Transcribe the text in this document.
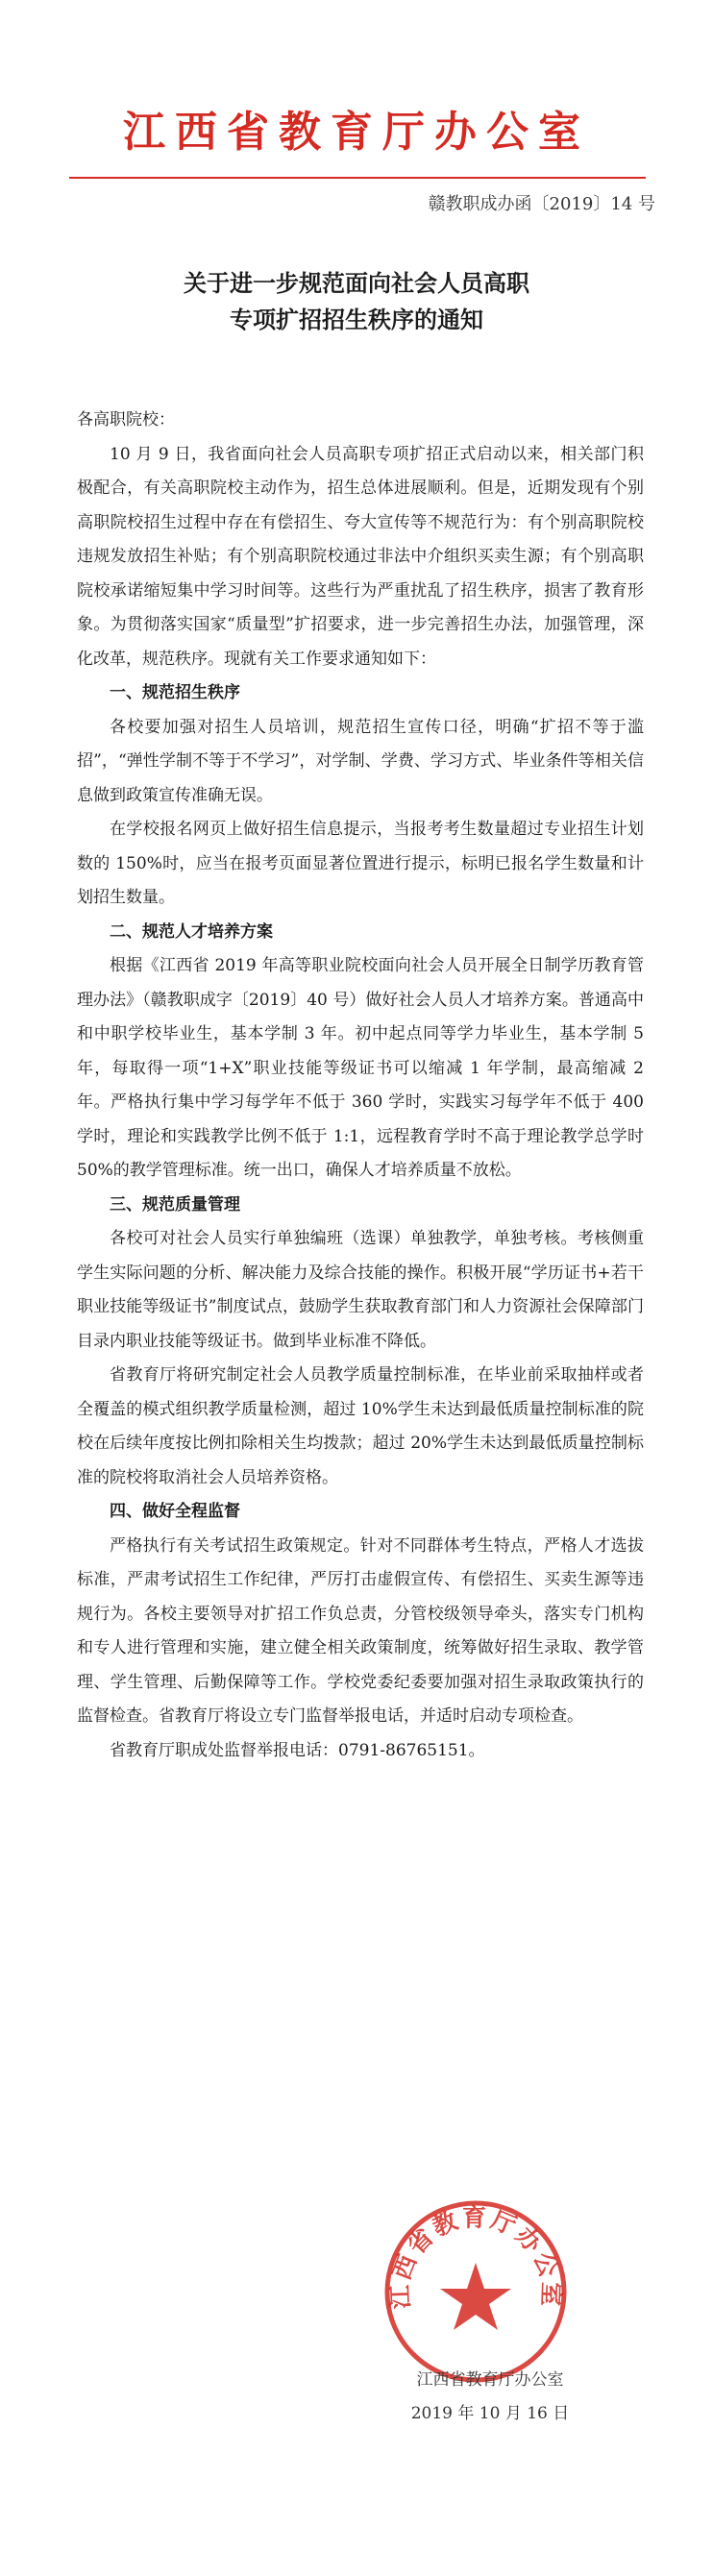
江西省教育厅办公室
赣教职成办函〔2019〕14 号
关于进一步规范面向社会人员高职
专项扩招招生秩序的通知

各高职院校：

10 月 9 日，我省面向社会人员高职专项扩招正式启动以来，相关部门积极配合，有关高职院校主动作为，招生总体进展顺利。但是，近期发现有个别高职院校招生过程中存在有偿招生、夸大宣传等不规范行为：有个别高职院校违规发放招生补贴；有个别高职院校通过非法中介组织买卖生源；有个别高职院校承诺缩短集中学习时间等。这些行为严重扰乱了招生秩序，损害了教育形象。为贯彻落实国家“质量型”扩招要求，进一步完善招生办法，加强管理，深化改革，规范秩序。现就有关工作要求通知如下：

一、规范招生秩序

各校要加强对招生人员培训，规范招生宣传口径，明确“扩招不等于滥招”，“弹性学制不等于不学习”，对学制、学费、学习方式、毕业条件等相关信息做到政策宣传准确无误。

在学校报名网页上做好招生信息提示，当报考考生数量超过专业招生计划数的 150%时，应当在报考页面显著位置进行提示，标明已报名学生数量和计划招生数量。

二、规范人才培养方案

根据《江西省 2019 年高等职业院校面向社会人员开展全日制学历教育管理办法》（赣教职成字〔2019〕40 号）做好社会人员人才培养方案。普通高中和中职学校毕业生，基本学制 3 年。初中起点同等学力毕业生，基本学制 5 年，每取得一项“1+X”职业技能等级证书可以缩减 1 年学制，最高缩减 2 年。严格执行集中学习每学年不低于 360 学时，实践实习每学年不低于 400 学时，理论和实践教学比例不低于 1:1，远程教育学时不高于理论教学总学时 50%的教学管理标准。统一出口，确保人才培养质量不放松。

三、规范质量管理

各校可对社会人员实行单独编班（选课）单独教学，单独考核。考核侧重学生实际问题的分析、解决能力及综合技能的操作。积极开展“学历证书+若干职业技能等级证书”制度试点，鼓励学生获取教育部门和人力资源社会保障部门目录内职业技能等级证书。做到毕业标准不降低。

省教育厅将研究制定社会人员教学质量控制标准，在毕业前采取抽样或者全覆盖的模式组织教学质量检测，超过 10%学生未达到最低质量控制标准的院校在后续年度按比例扣除相关生均拨款；超过 20%学生未达到最低质量控制标准的院校将取消社会人员培养资格。

四、做好全程监督

严格执行有关考试招生政策规定。针对不同群体考生特点，严格人才选拔标准，严肃考试招生工作纪律，严厉打击虚假宣传、有偿招生、买卖生源等违规行为。各校主要领导对扩招工作负总责，分管校级领导牵头，落实专门机构和专人进行管理和实施，建立健全相关政策制度，统筹做好招生录取、教学管理、学生管理、后勤保障等工作。学校党委纪委要加强对招生录取政策执行的监督检查。省教育厅将设立专门监督举报电话，并适时启动专项检查。

省教育厅职成处监督举报电话：0791-86765151。

江西省教育厅办公室
江西省教育厅办公室
2019 年 10 月 16 日
